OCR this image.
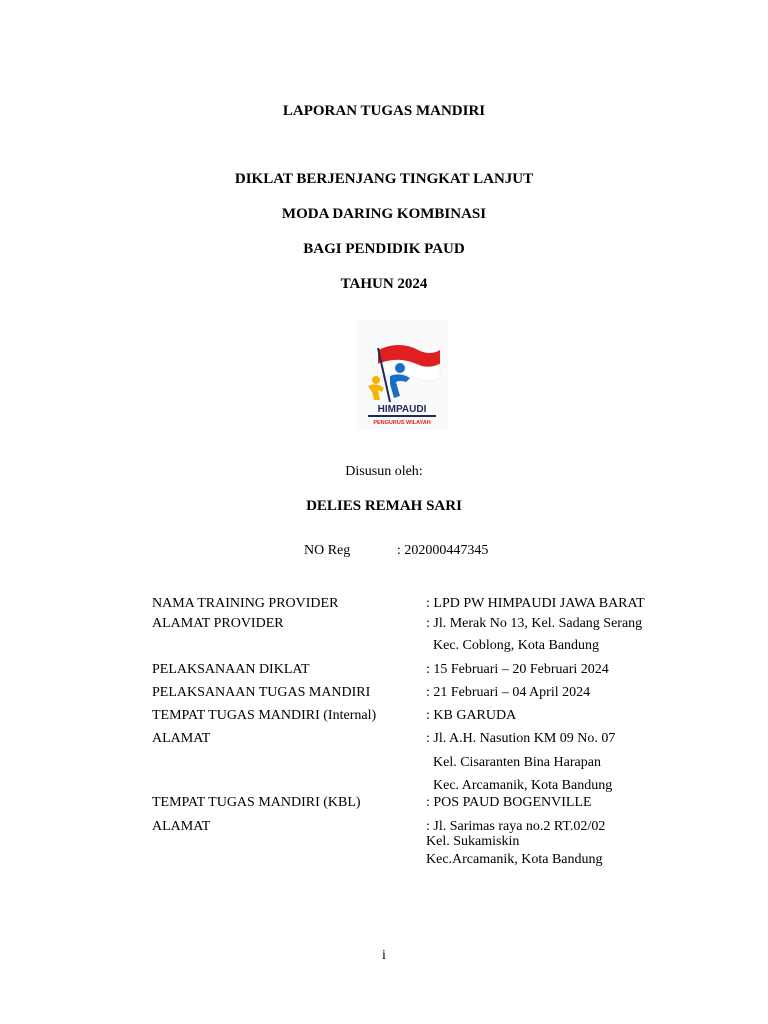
LAPORAN TUGAS MANDIRI
DIKLAT BERJENJANG TINGKAT LANJUT
MODA DARING KOMBINASI
BAGI PENDIDIK PAUD
TAHUN 2024
HIMPAUDI
PENGURUS WILAYAH
Disusun oleh:
DELIES REMAH SARI
NO Reg	: 202000447345
NAMA TRAINING PROVIDER	: LPD PW HIMPAUDI JAWA BARAT
ALAMAT PROVIDER	: Jl. Merak No 13, Kel. Sadang Serang
Kec. Coblong, Kota Bandung
PELAKSANAAN DIKLAT	: 15 Februari – 20 Februari 2024
PELAKSANAAN TUGAS MANDIRI	: 21 Februari – 04 April 2024
TEMPAT TUGAS MANDIRI (Internal)	: KB GARUDA
ALAMAT	: Jl. A.H. Nasution KM 09 No. 07
Kel. Cisaranten Bina Harapan
Kec. Arcamanik, Kota Bandung
TEMPAT TUGAS MANDIRI (KBL)	: POS PAUD BOGENVILLE
ALAMAT	: Jl. Sarimas raya no.2 RT.02/02
Kel. Sukamiskin
Kec.Arcamanik, Kota Bandung
i
